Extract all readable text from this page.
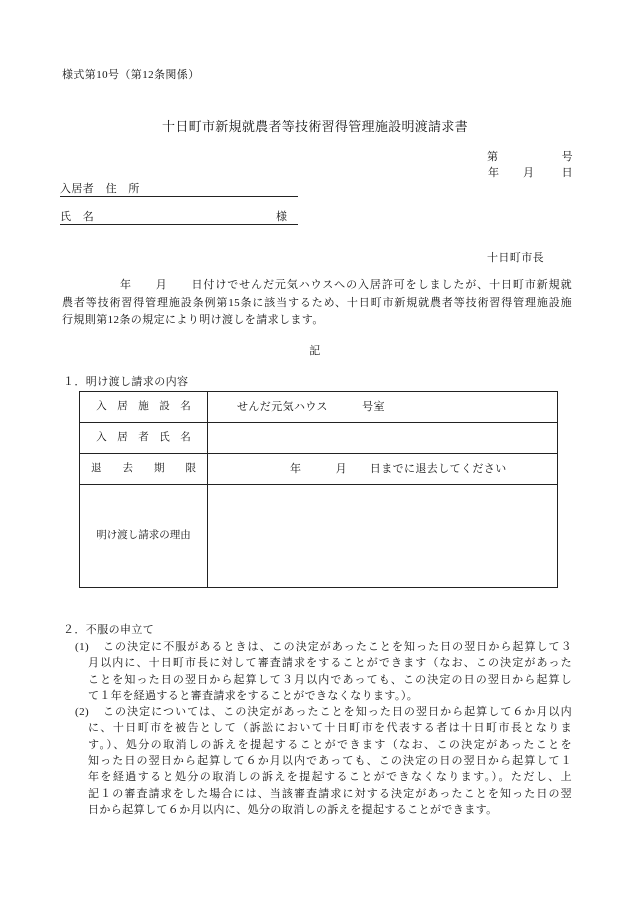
様式第10号（第12条関係）
十日町市新規就農者等技術習得管理施設明渡請求書
第	号
年 月 日
入居者　住　所
氏　名	様
十日町市長
年　　月　　日付けでせんだ元気ハウスへの入居許可をしましたが、十日町市新規就
農者等技術習得管理施設条例第15条に該当するため、十日町市新規就農者等技術習得管理施設施
行規則第12条の規定により明け渡しを請求します。
記
１．明け渡し請求の内容
入　居　施　設　名	せんだ元気ハウス　　　号室
入　居　者　氏　名	
退　　去　　期　　限	年　　　月　　日までに退去してください
明け渡し請求の理由	
２．不服の申立て
(1)	この決定に不服があるときは、この決定があったことを知った日の翌日から起算して３
月以内に、十日町市長に対して審査請求をすることができます（なお、この決定があった
ことを知った日の翌日から起算して３月以内であっても、この決定の日の翌日から起算し
て１年を経過すると審査請求をすることができなくなります。）。
(2)	この決定については、この決定があったことを知った日の翌日から起算して６か月以内
に、十日町市を被告として（訴訟において十日町市を代表する者は十日町市長となりま
す。）、処分の取消しの訴えを提起することができます（なお、この決定があったことを
知った日の翌日から起算して６か月以内であっても、この決定の日の翌日から起算して１
年を経過すると処分の取消しの訴えを提起することができなくなります。）。ただし、上
記１の審査請求をした場合には、当該審査請求に対する決定があったことを知った日の翌
日から起算して６か月以内に、処分の取消しの訴えを提起することができます。
